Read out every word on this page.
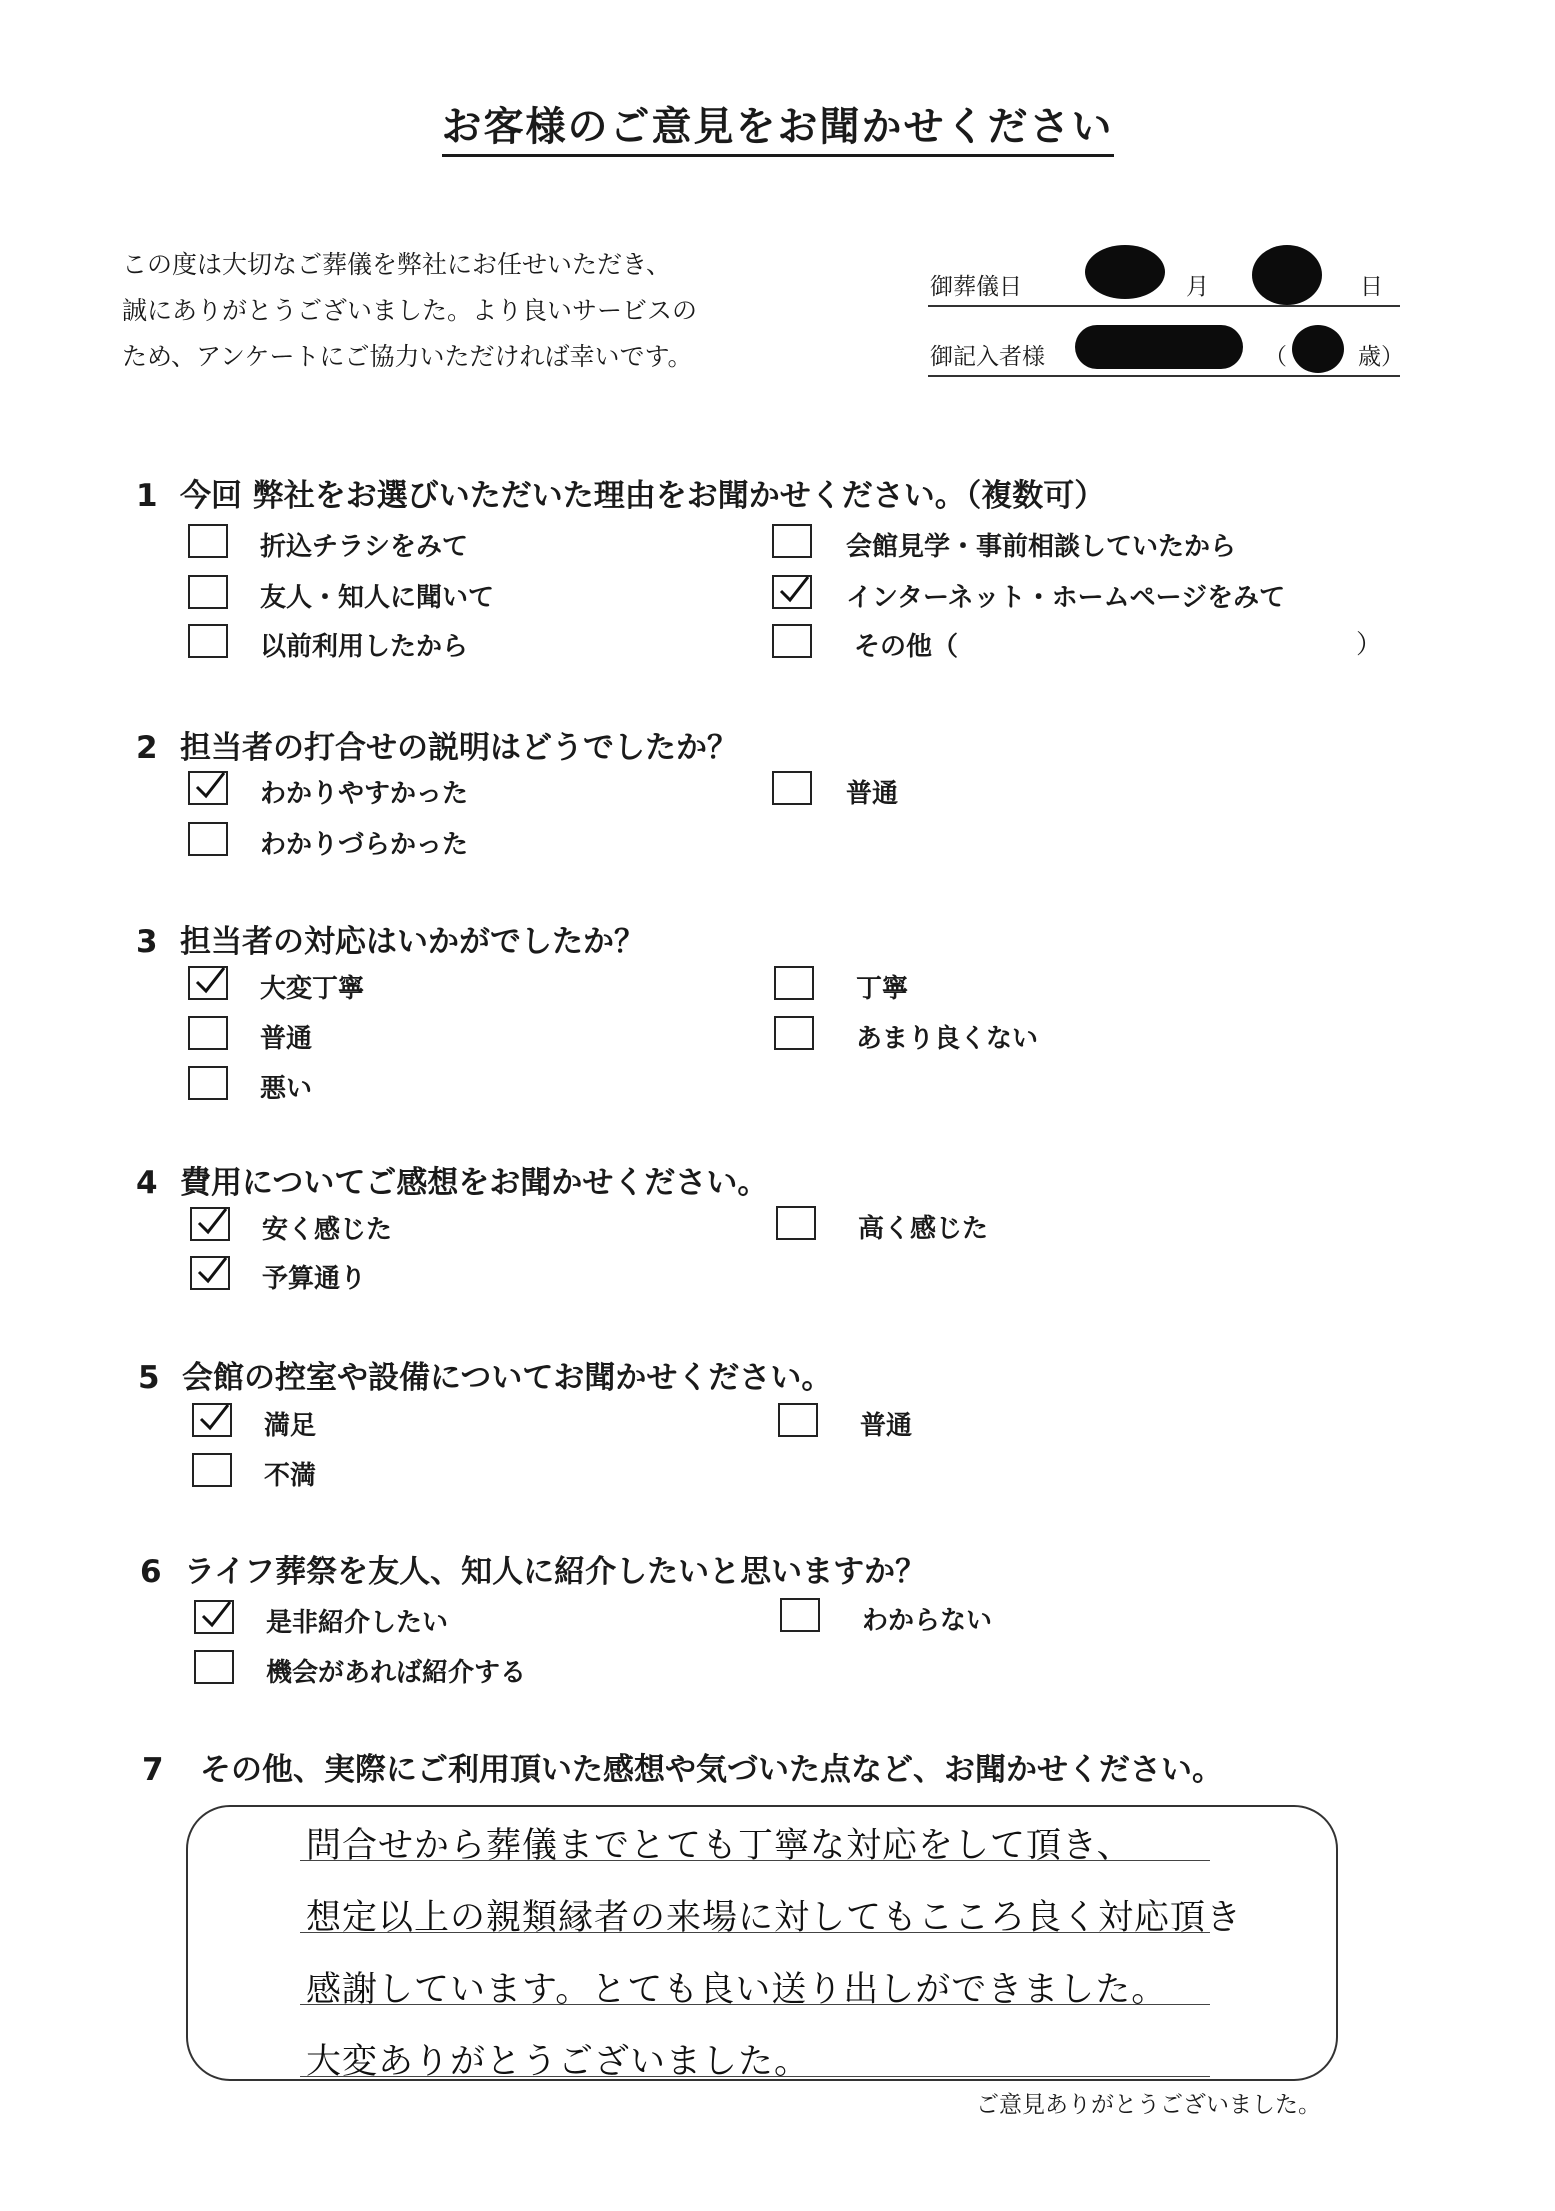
お客様のご意見をお聞かせください
この度は大切なご葬儀を弊社にお任せいただき、
誠にありがとうございました。より良いサービスの
ため、アンケートにご協力いただければ幸いです。
御葬儀日	月	日
御記入者様	（	歳）
1 今回 弊社をお選びいただいた理由をお聞かせください。（複数可）
折込チラシをみて
友人・知人に聞いて
以前利用したから
会館見学・事前相談していたから
インターネット・ホームページをみて
その他（	）
2 担当者の打合せの説明はどうでしたか？
わかりやすかった
わかりづらかった
普通
3 担当者の対応はいかがでしたか？
大変丁寧
普通
悪い
丁寧
あまり良くない
4 費用についてご感想をお聞かせください。
安く感じた
予算通り
高く感じた
5 会館の控室や設備についてお聞かせください。
満足
不満
普通
6 ライフ葬祭を友人、知人に紹介したいと思いますか？
是非紹介したい
機会があれば紹介する
わからない
7 その他、実際にご利用頂いた感想や気づいた点など、お聞かせください。
問合せから葬儀までとても丁寧な対応をして頂き、
想定以上の親類縁者の来場に対してもこころ良く対応頂き
感謝しています。とても良い送り出しができました。
大変ありがとうございました。
ご意見ありがとうございました。
